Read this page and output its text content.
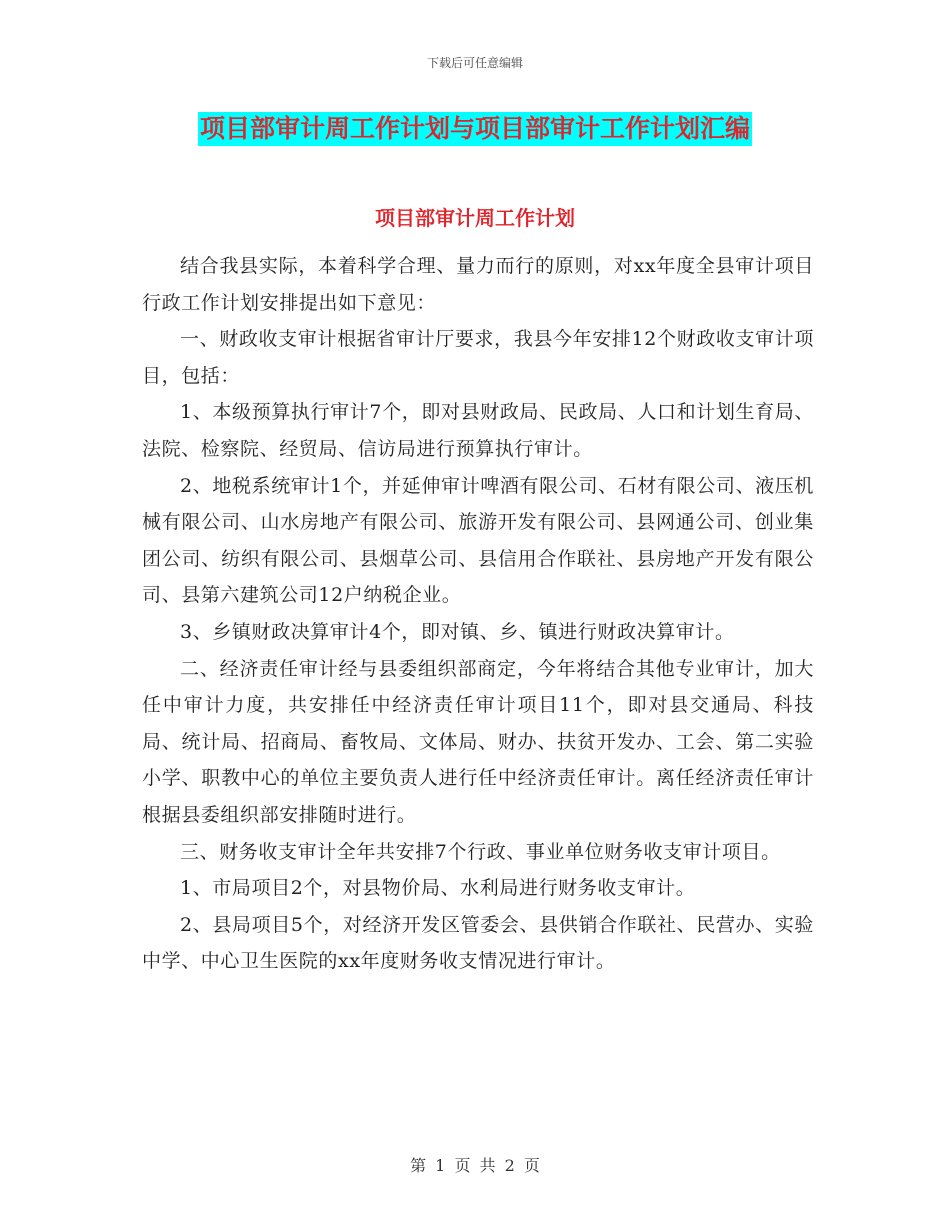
下载后可任意编辑
项目部审计周工作计划与项目部审计工作计划汇编
项目部审计周工作计划

结合我县实际，本着科学合理、量力而行的原则，对xx年度全县审计项目行政工作计划安排提出如下意见：

一、财政收支审计根据省审计厅要求，我县今年安排12个财政收支审计项目，包括：

1、本级预算执行审计7个，即对县财政局、民政局、人口和计划生育局、法院、检察院、经贸局、信访局进行预算执行审计。

2、地税系统审计1个，并延伸审计啤酒有限公司、石材有限公司、液压机械有限公司、山水房地产有限公司、旅游开发有限公司、县网通公司、创业集团公司、纺织有限公司、县烟草公司、县信用合作联社、县房地产开发有限公司、县第六建筑公司12户纳税企业。

3、乡镇财政决算审计4个，即对镇、乡、镇进行财政决算审计。

二、经济责任审计经与县委组织部商定，今年将结合其他专业审计，加大任中审计力度，共安排任中经济责任审计项目11个，即对县交通局、科技局、统计局、招商局、畜牧局、文体局、财办、扶贫开发办、工会、第二实验小学、职教中心的单位主要负责人进行任中经济责任审计。离任经济责任审计根据县委组织部安排随时进行。

三、财务收支审计全年共安排7个行政、事业单位财务收支审计项目。

1、市局项目2个，对县物价局、水利局进行财务收支审计。

2、县局项目5个，对经济开发区管委会、县供销合作联社、民营办、实验中学、中心卫生医院的xx年度财务收支情况进行审计。

第 1 页 共 2 页
